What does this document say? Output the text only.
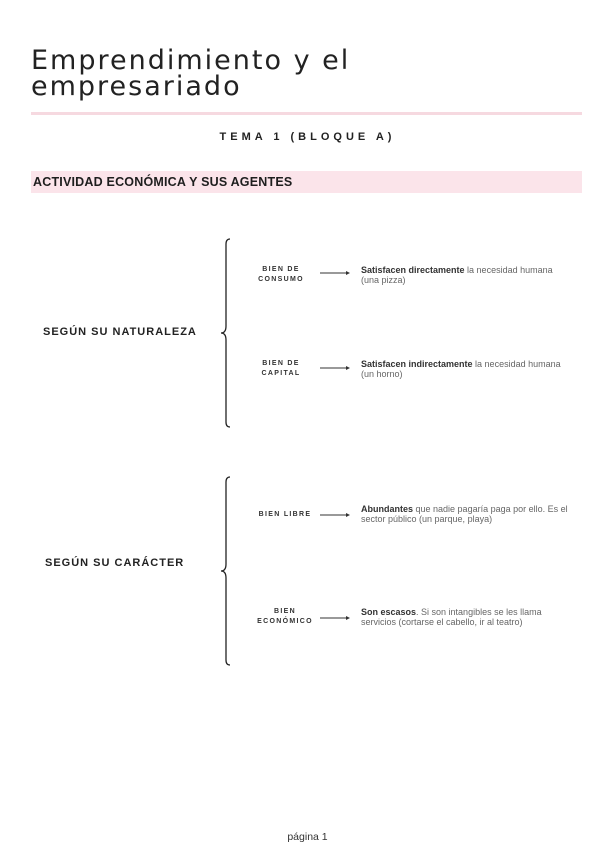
Emprendimiento y el
empresariado
TEMA 1 (BLOQUE A)
ACTIVIDAD ECONÓMICA Y SUS AGENTES
SEGÚN SU NATURALEZA
BIEN DE
CONSUMO
Satisfacen directamente la necesidad humana (una pizza)
BIEN DE
CAPITAL
Satisfacen indirectamente la necesidad humana (un horno)
SEGÚN SU CARÁCTER
BIEN LIBRE
Abundantes que nadie pagaría paga por ello. Es el sector público (un parque, playa)
BIEN
ECONÓMICO
Son escasos. Si son intangibles se les llama servicios (cortarse el cabello, ir al teatro)
página 1
